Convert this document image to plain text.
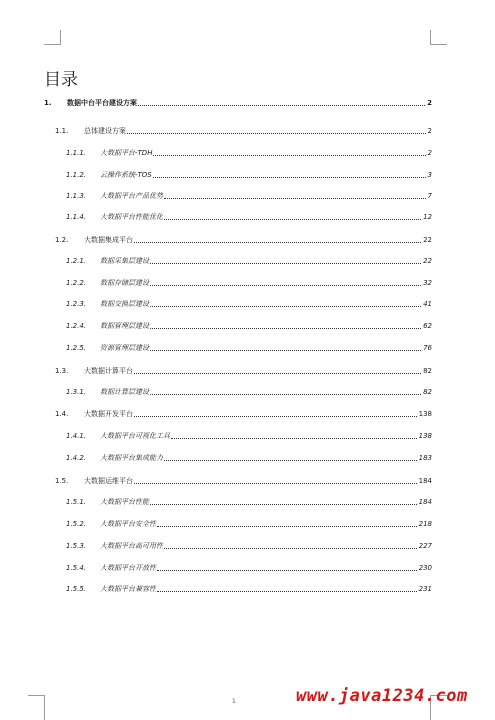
目录
1.	数据中台平台建设方案	2
1.1.	总体建设方案	2
1.1.1.	大数据平台-TDH	2
1.1.2.	云操作系统-TOS	3
1.1.3.	大数据平台产品优势	7
1.1.4.	大数据平台性能优化	12
1.2.	大数据集成平台	22
1.2.1.	数据采集层建设	22
1.2.2.	数据存储层建设	32
1.2.3.	数据交换层建设	41
1.2.4.	数据管理层建设	62
1.2.5.	资源管理层建设	76
1.3.	大数据计算平台	82
1.3.1.	数据计算层建设	82
1.4.	大数据开发平台	138
1.4.1.	大数据平台可视化工具	138
1.4.2.	大数据平台集成能力	183
1.5.	大数据运维平台	184
1.5.1.	大数据平台性能	184
1.5.2.	大数据平台安全性	218
1.5.3.	大数据平台高可用性	227
1.5.4.	大数据平台开放性	230
1.5.5.	大数据平台兼容性	231
1	www.java1234.com
